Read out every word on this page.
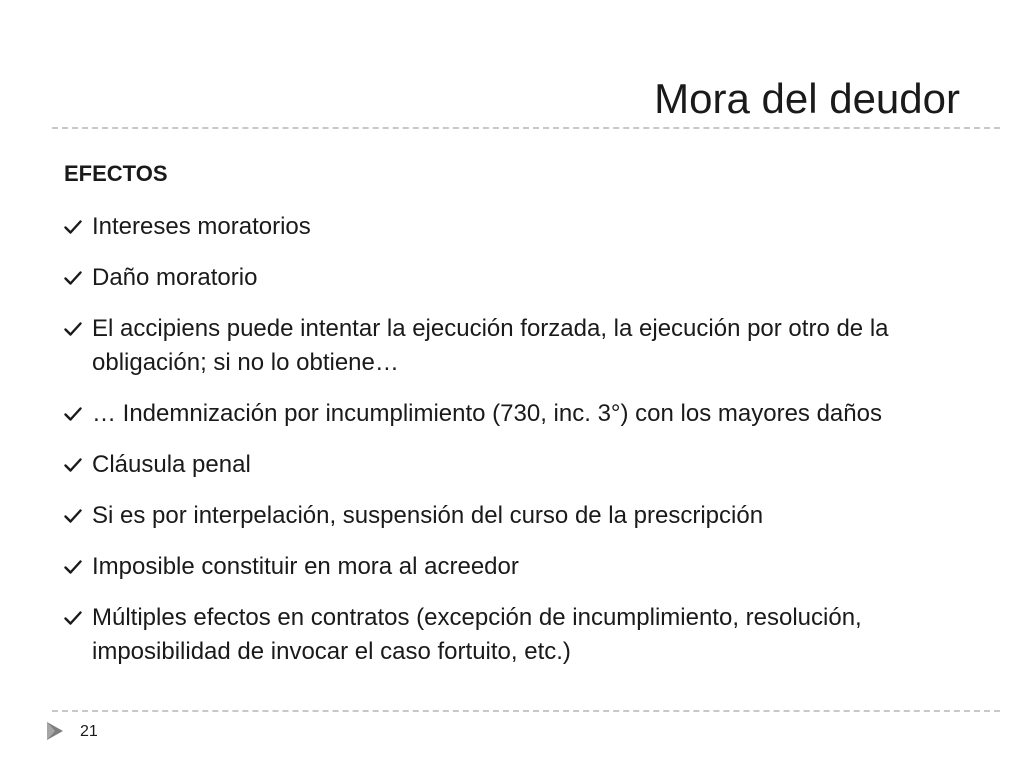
Mora del deudor
EFECTOS
Intereses moratorios
Daño moratorio
El accipiens puede intentar la ejecución forzada, la ejecución por otro de la obligación; si no lo obtiene…
… Indemnización por incumplimiento (730, inc. 3°) con los mayores daños
Cláusula penal
Si es por interpelación, suspensión del curso de la prescripción
Imposible constituir en mora al acreedor
Múltiples efectos en contratos (excepción de incumplimiento, resolución, imposibilidad de invocar el caso fortuito, etc.)
21
